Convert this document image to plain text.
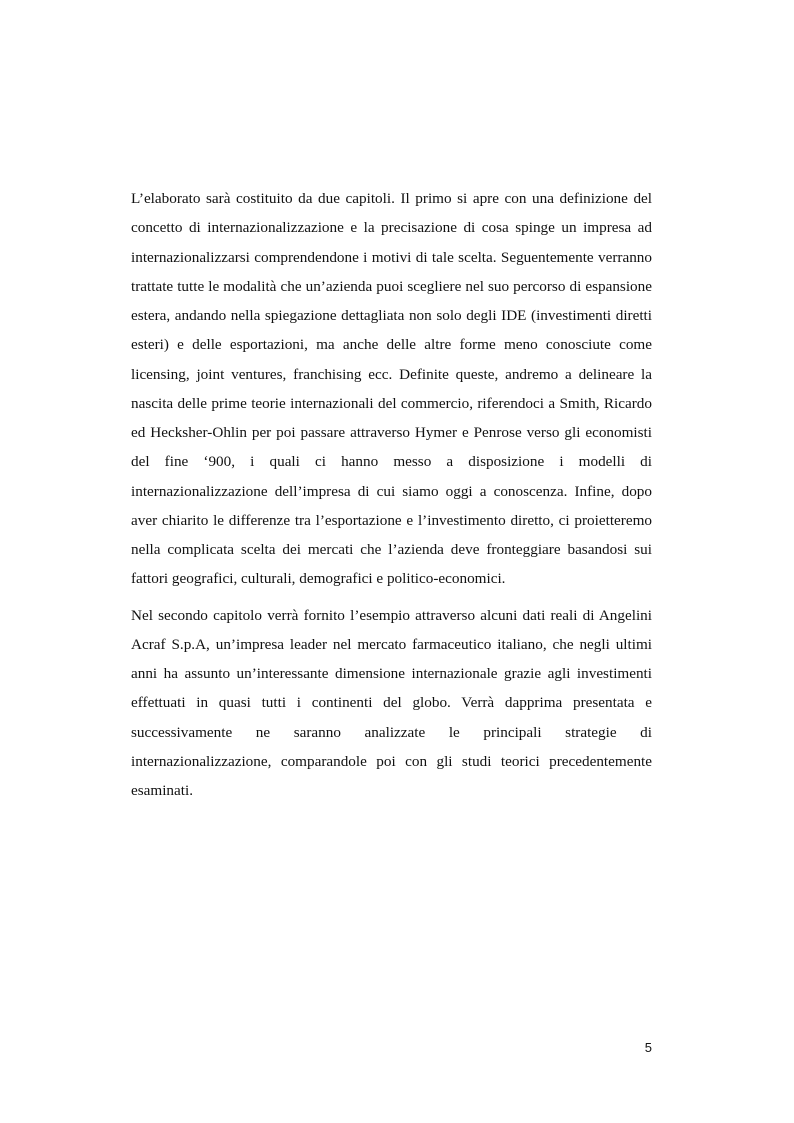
L’elaborato sarà costituito da due capitoli. Il primo si apre con una definizione del concetto di internazionalizzazione e la precisazione di cosa spinge un impresa ad internazionalizzarsi comprendendone i motivi di tale scelta. Seguentemente verranno trattate tutte le modalità che un’azienda puoi scegliere nel suo percorso di espansione estera, andando nella spiegazione dettagliata non solo degli IDE (investimenti diretti esteri) e delle esportazioni, ma anche delle altre forme meno conosciute come licensing, joint ventures, franchising ecc. Definite queste, andremo a delineare la nascita delle prime teorie internazionali del commercio, riferendoci a Smith, Ricardo ed Hecksher-Ohlin per poi passare attraverso Hymer e Penrose verso gli economisti del fine ‘900, i quali ci hanno messo a disposizione i modelli di internazionalizzazione dell’impresa di cui siamo oggi a conoscenza. Infine, dopo aver chiarito le differenze tra l’esportazione e l’investimento diretto, ci proietteremo nella complicata scelta dei mercati che l’azienda deve fronteggiare basandosi sui fattori geografici, culturali, demografici e politico-economici.

Nel secondo capitolo verrà fornito l’esempio attraverso alcuni dati reali di Angelini Acraf S.p.A, un’impresa leader nel mercato farmaceutico italiano, che negli ultimi anni ha assunto un’interessante dimensione internazionale grazie agli investimenti effettuati in quasi tutti i continenti del globo. Verrà dapprima presentata e successivamente ne saranno analizzate le principali strategie di internazionalizzazione, comparandole poi con gli studi teorici precedentemente esaminati.

5
